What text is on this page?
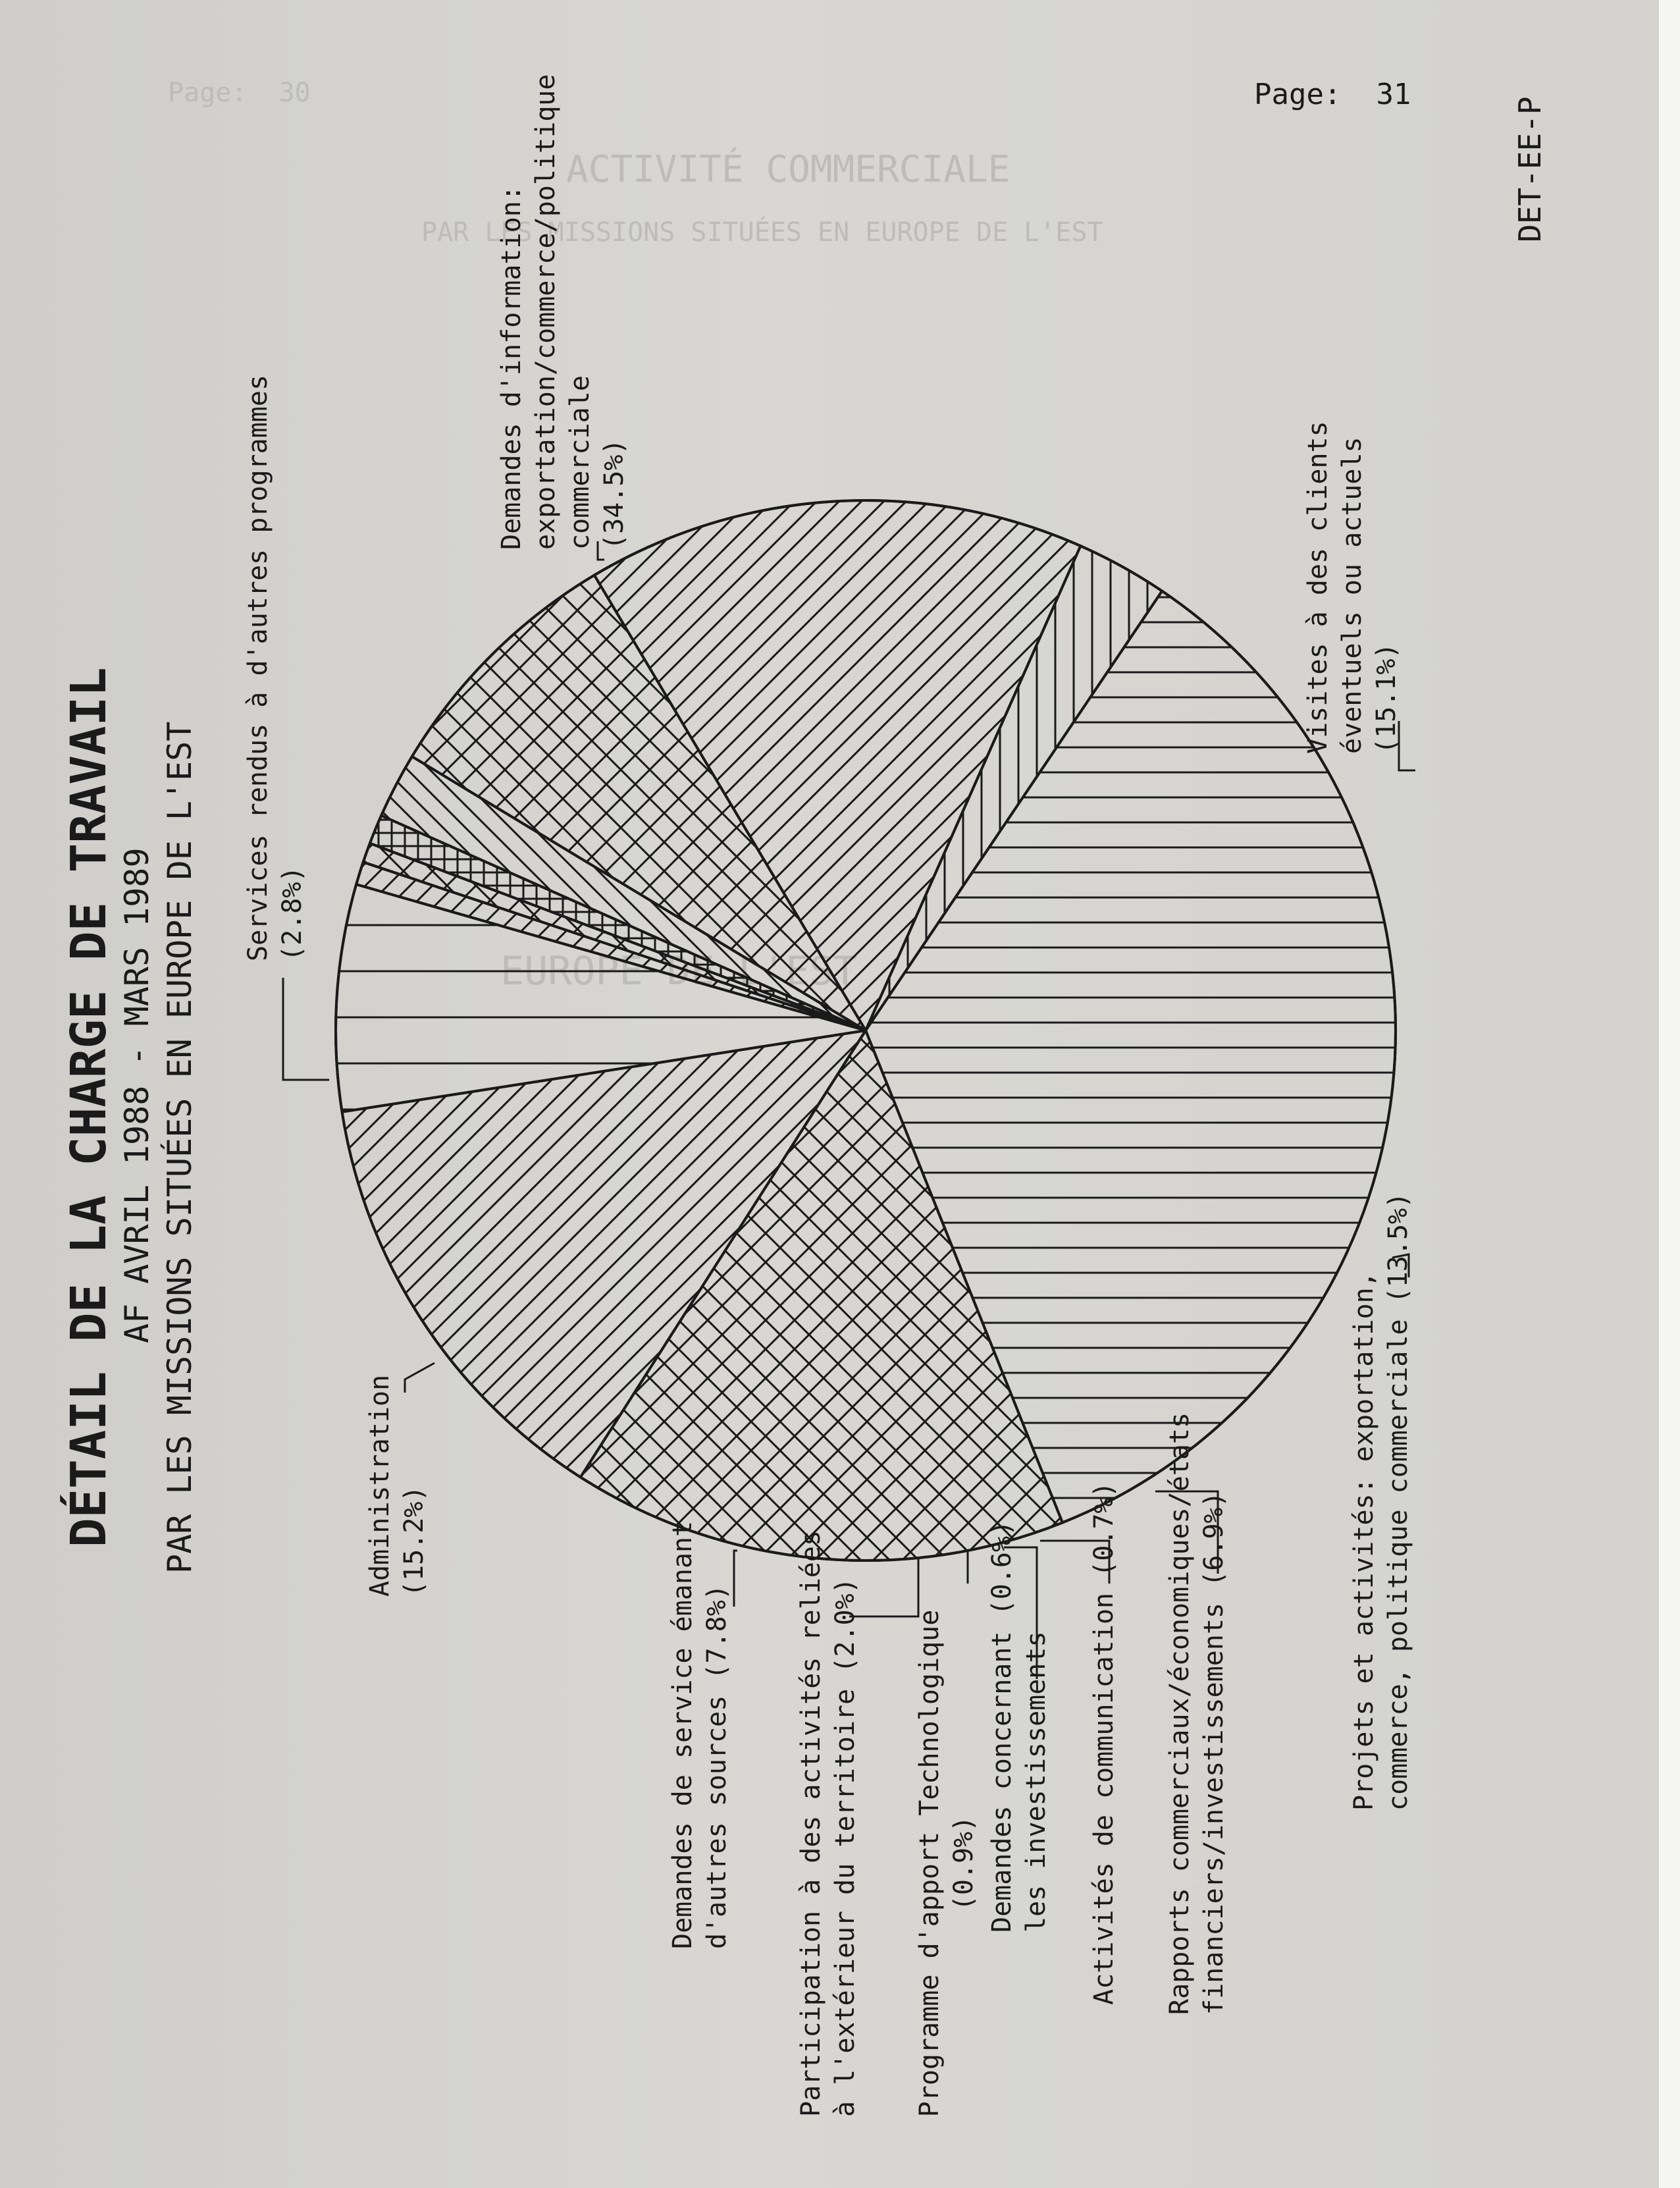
Page:  30
ACTIVITÉ COMMERCIALE
PAR LES MISSIONS SITUÉES EN EUROPE DE L'EST
EUROPE DE L'EST
Page: 31
DET-EE-P
DÉTAIL DE LA CHARGE DE TRAVAIL AF AVRIL 1988 - MARS 1989 PAR LES MISSIONS SITUÉES EN EUROPE DE L'EST
Demandes d'information: exportation/commerce/politique commerciale (34.5%)	Visites à des clients éventuels ou actuels (15.1%)
Projets et activités: exportation, commerce, politique commerciale (13.5%)
Rapports commerciaux/économiques/états financiers/investissements (6.9%)
Activités de communication (0.7%)
Demandes concernant (0.6%) les investissements
Programme d'apport Technologique (0.9%)
Participation à des activités reliées à l'extérieur du territoire (2.0%)
Demandes de service émanant d'autres sources (7.8%)
Administration (15.2%)
Services rendus à d'autres programmes (2.8%)
